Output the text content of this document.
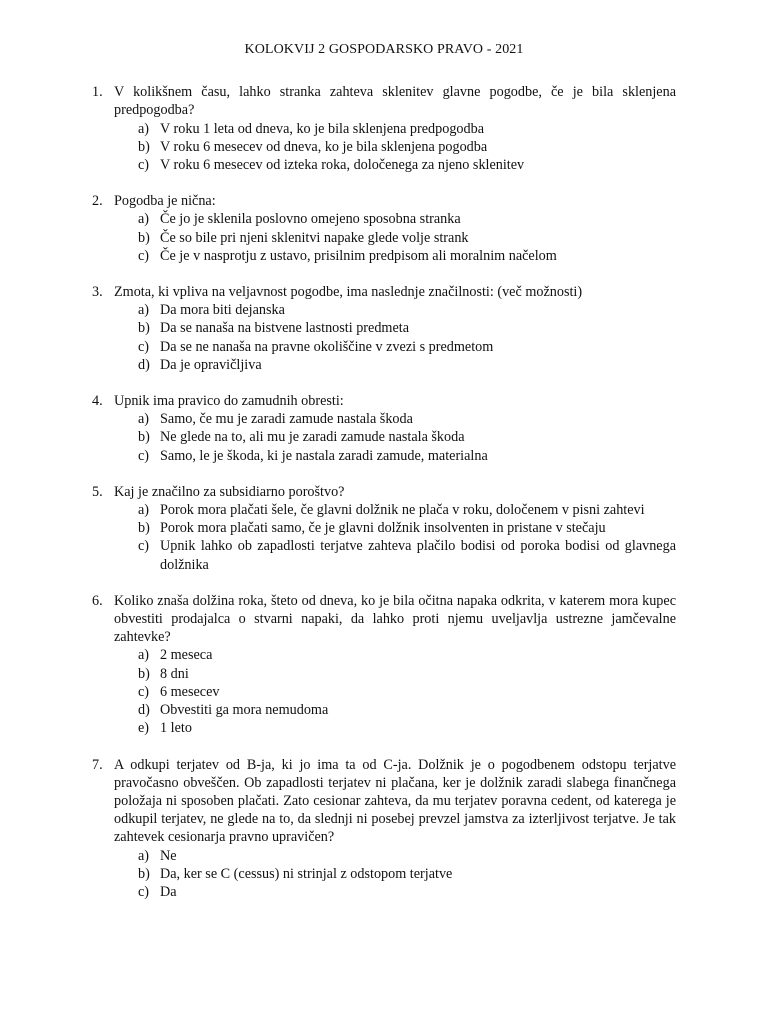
KOLOKVIJ 2 GOSPODARSKO PRAVO - 2021
1. V kolikšnem času, lahko stranka zahteva sklenitev glavne pogodbe, če je bila sklenjena predpogodba?
a) V roku 1 leta od dneva, ko je bila sklenjena predpogodba
b) V roku 6 mesecev od dneva, ko je bila sklenjena pogodba
c) V roku 6 mesecev od izteka roka, določenega za njeno sklenitev
2. Pogodba je nična:
a) Če jo je sklenila poslovno omejeno sposobna stranka
b) Če so bile pri njeni sklenitvi napake glede volje strank
c) Če je v nasprotju z ustavo, prisilnim predpisom ali moralnim načelom
3. Zmota, ki vpliva na veljavnost pogodbe, ima naslednje značilnosti: (več možnosti)
a) Da mora biti dejanska
b) Da se nanaša na bistvene lastnosti predmeta
c) Da se ne nanaša na pravne okoliščine v zvezi s predmetom
d) Da je opravičljiva
4. Upnik ima pravico do zamudnih obresti:
a) Samo, če mu je zaradi zamude nastala škoda
b) Ne glede na to, ali mu je zaradi zamude nastala škoda
c) Samo, le je škoda, ki je nastala zaradi zamude, materialna
5. Kaj je značilno za subsidiarno poroštvo?
a) Porok mora plačati šele, če glavni dolžnik ne plača v roku, določenem v pisni zahtevi
b) Porok mora plačati samo, če je glavni dolžnik insolventen in pristane v stečaju
c) Upnik lahko ob zapadlosti terjatve zahteva plačilo bodisi od poroka bodisi od glavnega dolžnika
6. Koliko znaša dolžina roka, šteto od dneva, ko je bila očitna napaka odkrita, v katerem mora kupec obvestiti prodajalca o stvarni napaki, da lahko proti njemu uveljavlja ustrezne jamčevalne zahtevke?
a) 2 meseca
b) 8 dni
c) 6 mesecev
d) Obvestiti ga mora nemudoma
e) 1 leto
7. A odkupi terjatev od B-ja, ki jo ima ta od C-ja. Dolžnik je o pogodbenem odstopu terjatve pravočasno obveščen. Ob zapadlosti terjatev ni plačana, ker je dolžnik zaradi slabega finančnega položaja ni sposoben plačati. Zato cesionar zahteva, da mu terjatev poravna cedent, od katerega je odkupil terjatev, ne glede na to, da slednji ni posebej prevzel jamstva za izterljivost terjatve. Je tak zahtevek cesionarja pravno upravičen?
a) Ne
b) Da, ker se C (cessus) ni strinjal z odstopom terjatve
c) Da
